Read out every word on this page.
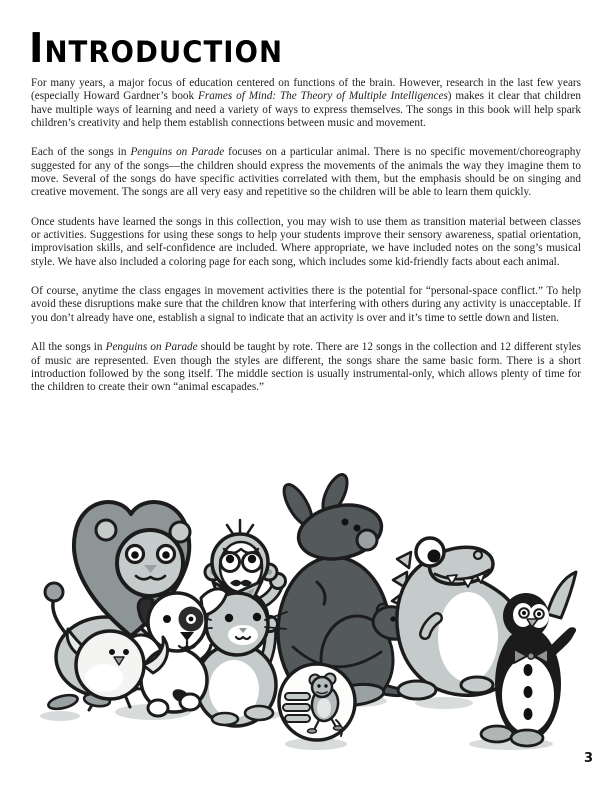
INTRODUCTION

For many years, a major focus of education centered on functions of the brain. However, research in the last few years (especially Howard Gardner’s book Frames of Mind: The Theory of Multiple Intelligences) makes it clear that children have multiple ways of learning and need a variety of ways to express themselves. The songs in this book will help spark children’s creativity and help them establish connections between music and movement.

Each of the songs in Penguins on Parade focuses on a particular animal. There is no specific movement/choreography suggested for any of the songs—the children should express the movements of the animals the way they imagine them to move. Several of the songs do have specific activities correlated with them, but the emphasis should be on singing and creative movement. The songs are all very easy and repetitive so the children will be able to learn them quickly.

Once students have learned the songs in this collection, you may wish to use them as transition material between classes or activities. Suggestions for using these songs to help your students improve their sensory awareness, spatial orientation, improvisation skills, and self-confidence are included. Where appropriate, we have included notes on the song’s musical style. We have also included a coloring page for each song, which includes some kid-friendly facts about each animal.

Of course, anytime the class engages in movement activities there is the potential for “personal-space conflict.” To help avoid these disruptions make sure that the children know that interfering with others during any activity is unacceptable. If you don’t already have one, establish a signal to indicate that an activity is over and it’s time to settle down and listen.

All the songs in Penguins on Parade should be taught by rote. There are 12 songs in the collection and 12 different styles of music are represented. Even though the styles are different, the songs share the same basic form. There is a short introduction followed by the song itself. The middle section is usually instrumental-only, which allows plenty of time for the children to create their own “animal escapades.”

3
